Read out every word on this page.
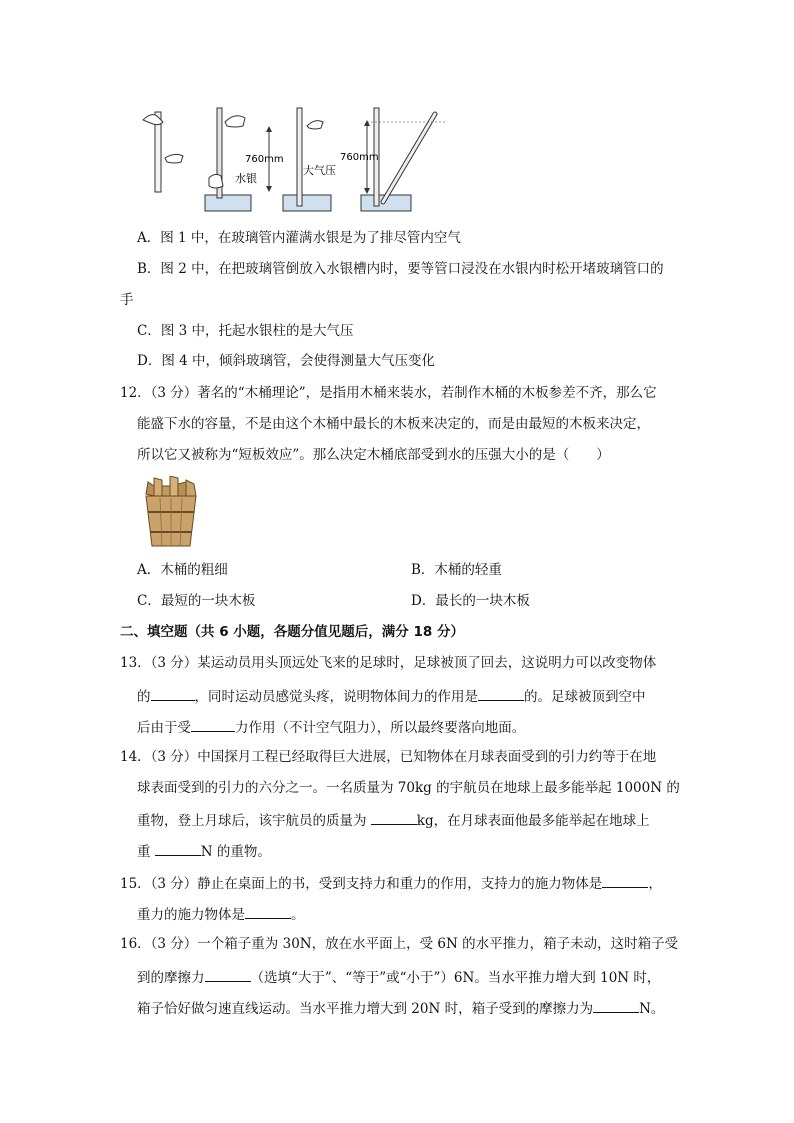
水银
760mm
大气压
760mm
A．图 1 中，在玻璃管内灌满水银是为了排尽管内空气
B．图 2 中，在把玻璃管倒放入水银槽内时，要等管口浸没在水银内时松开堵玻璃管口的
手
C．图 3 中，托起水银柱的是大气压
D．图 4 中，倾斜玻璃管，会使得测量大气压变化
12．（3 分）著名的“木桶理论”，是指用木桶来装水，若制作木桶的木板参差不齐，那么它
能盛下水的容量，不是由这个木桶中最长的木板来决定的，而是由最短的木板来决定，
所以它又被称为“短板效应”。那么决定木桶底部受到水的压强大小的是（　　）
A．木桶的粗细	B．木桶的轻重
C．最短的一块木板	D．最长的一块木板
二、填空题（共 6 小题，各题分值见题后，满分 18 分）
13．（3 分）某运动员用头顶远处飞来的足球时，足球被顶了回去，这说明力可以改变物体
的	，同时运动员感觉头疼，说明物体间力的作用是	的。足球被顶到空中
后由于受	力作用（不计空气阻力），所以最终要落向地面。
14．（3 分）中国探月工程已经取得巨大进展，已知物体在月球表面受到的引力约等于在地
球表面受到的引力的六分之一。一名质量为 70kg 的宇航员在地球上最多能举起 1000N 的
重物，登上月球后，该宇航员的质量为	kg，在月球表面他最多能举起在地球上
重	N 的重物。
15．（3 分）静止在桌面上的书，受到支持力和重力的作用，支持力的施力物体是	，
重力的施力物体是	。
16．（3 分）一个箱子重为 30N，放在水平面上，受 6N 的水平推力，箱子未动，这时箱子受
到的摩擦力	（选填“大于”、“等于”或“小于”）6N。当水平推力增大到 10N 时，
箱子恰好做匀速直线运动。当水平推力增大到 20N 时，箱子受到的摩擦力为	N。
